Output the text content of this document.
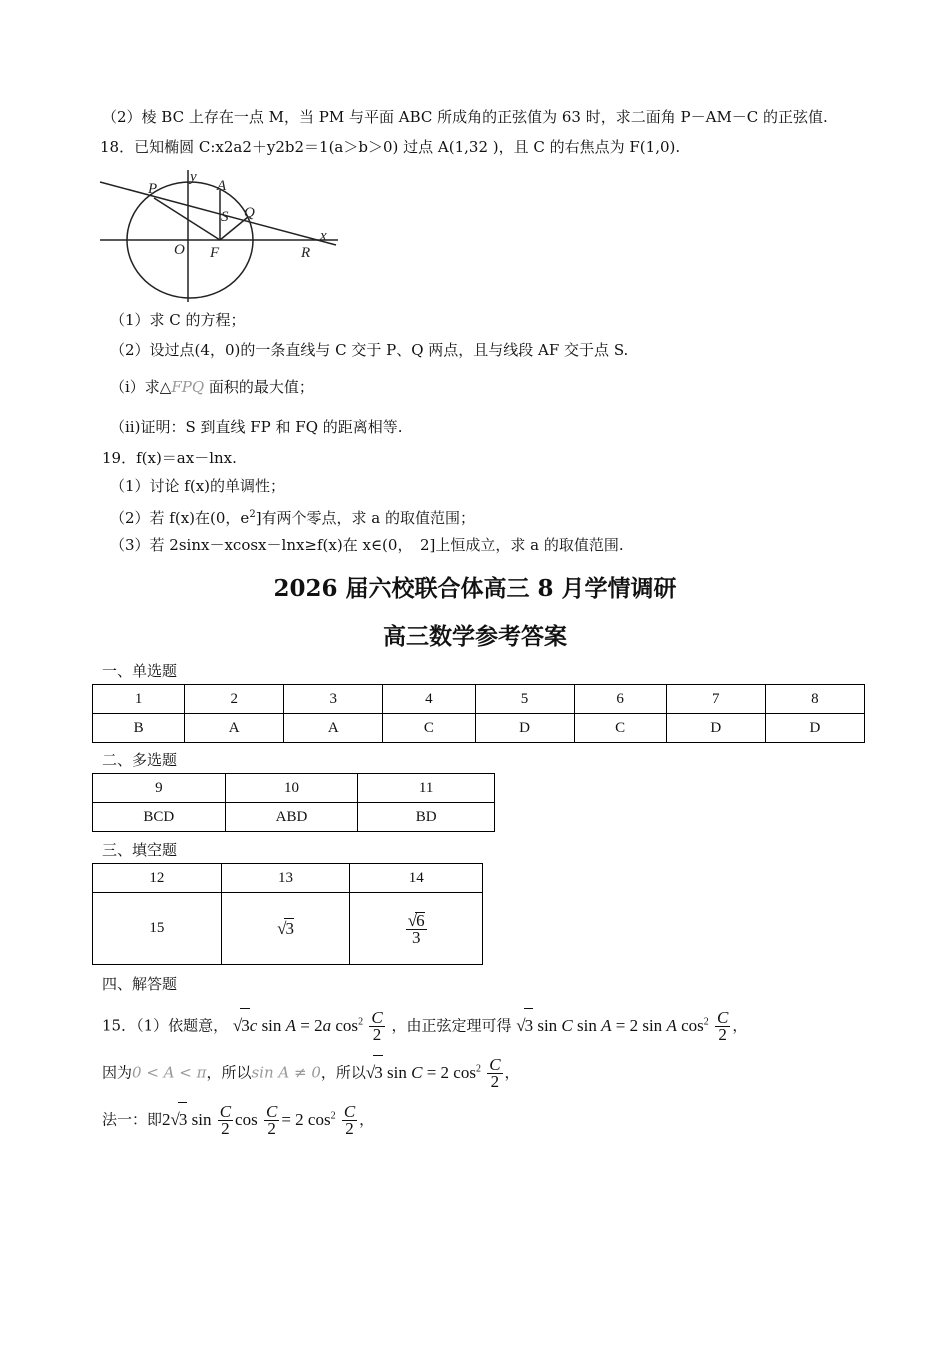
（2）棱 BC 上存在一点 M，当 PM 与平面 ABC 所成角的正弦值为 63 时，求二面角 P－AM－C 的正弦值.
18．已知椭圆 C:x2a2＋y2b2＝1(a＞b＞0) 过点 A(1,32 )，且 C 的右焦点为 F(1,0).
P
y
A
S Q
O F	R
x
（1）求 C 的方程；
（2）设过点(4，0)的一条直线与 C 交于 P、Q 两点，且与线段 AF 交于点 S.
（i）求△FPQ 面积的最大值；
（ii)证明：S 到直线 FP 和 FQ 的距离相等.
19．f(x)＝ax－lnx.
（1）讨论 f(x)的单调性；
（2）若 f(x)在(0，$e^2$]有两个零点，求 a 的取值范围；
（3）若 2sinx－xcosx－lnx≥f(x)在 x∈(0，　2]上恒成立，求 a 的取值范围.
2026 届六校联合体高三 8 月学情调研
高三数学参考答案
一、单选题
1	2	3	4	5	6	7	8
B	A	A	C	D	C	D	D
二、多选题
9	10	11
BCD	ABD	BD
三、填空题
12	13	14
15	√3	$\frac{√6}{3}$
四、解答题
15．（1）依题意， √3c sin A = 2a $\cos^2 \frac{C}{2}$ ，由正弦定理可得 √3 sin C sin A = 2 sin A $\cos^2 \frac{C}{2}$ ，
因为0 < A < π，所以sin A ≠ 0，所以√3 sin C = 2 $\cos^2 \frac{C}{2}$ ，
法一：即2√3 $\sin \frac{C}{2}$ $\cos \frac{C}{2} = 2$ $\cos^2 \frac{C}{2}$ ，
